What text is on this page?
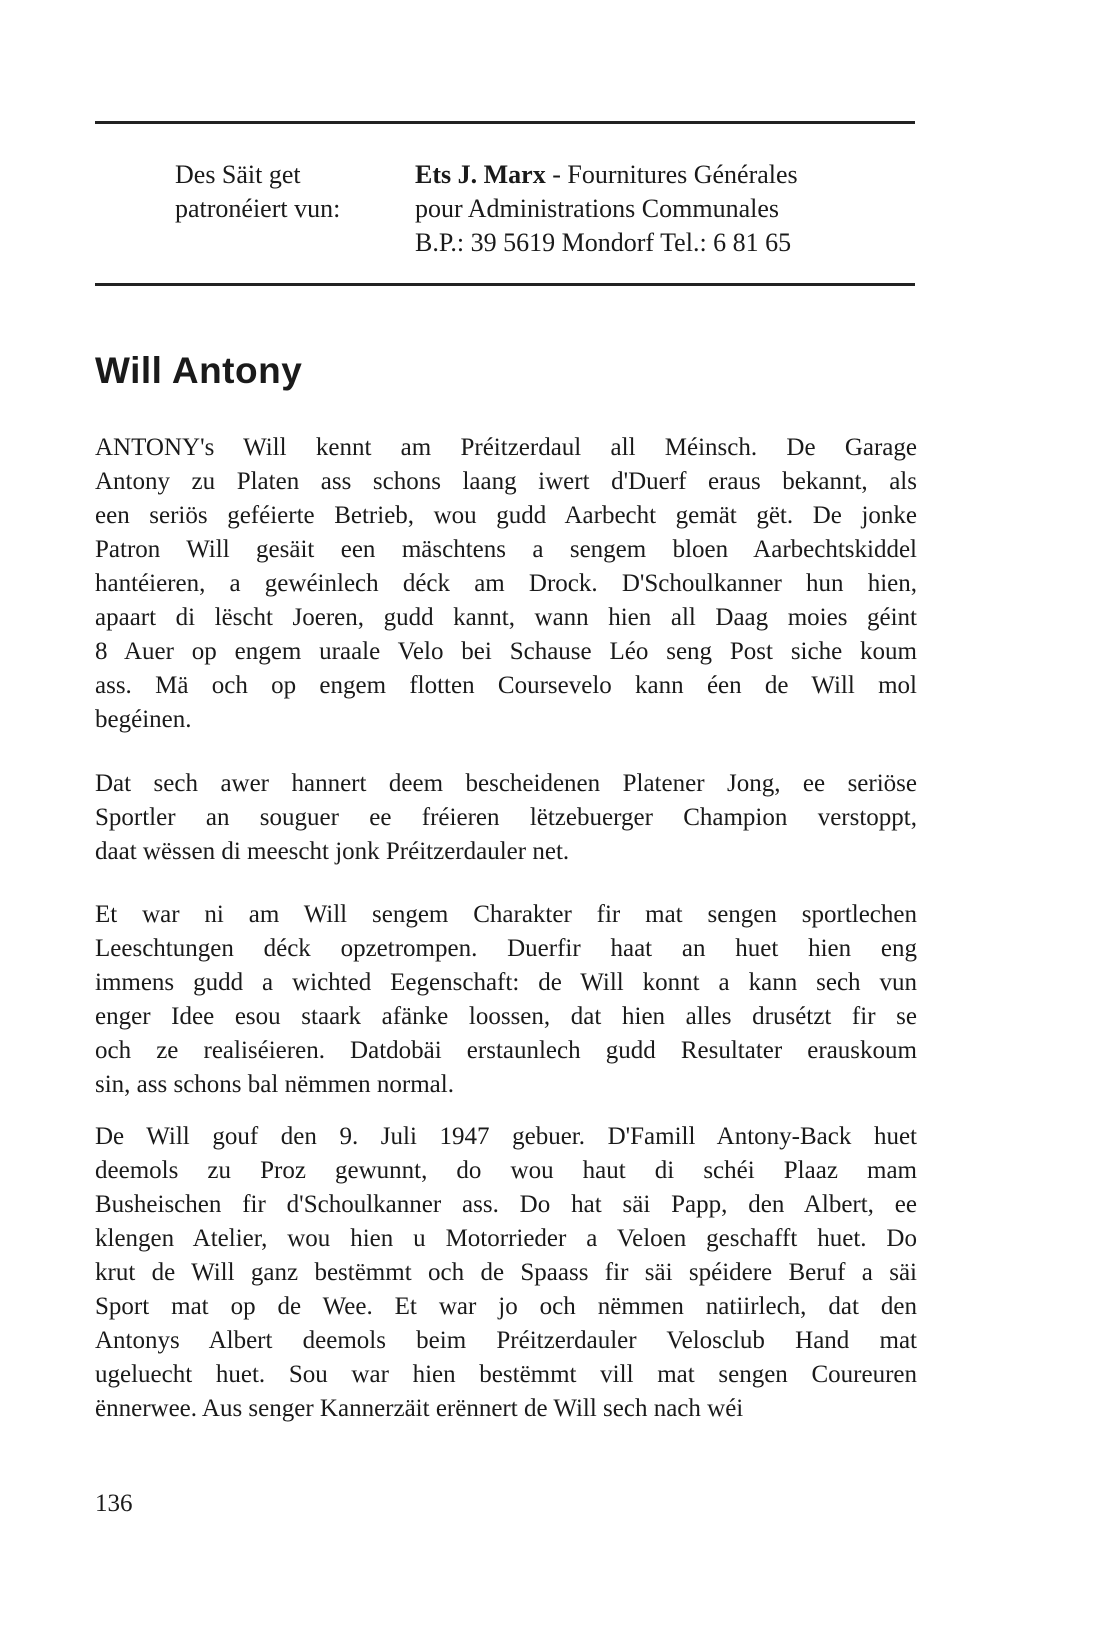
Des Säit get
patronéiert vun:
Ets J. Marx - Fournitures Générales
pour Administrations Communales
B.P.: 39 5619 Mondorf Tel.: 6 81 65
Will Antony
ANTONY's Will kennt am Préitzerdaul all Méinsch. De Garage
Antony zu Platen ass schons laang iwert d'Duerf eraus bekannt, als
een seriös geféierte Betrieb, wou gudd Aarbecht gemät gët. De jonke
Patron Will gesäit een mäschtens a sengem bloen Aarbechtskiddel
hantéieren, a gewéinlech déck am Drock. D'Schoulkanner hun hien,
apaart di lëscht Joeren, gudd kannt, wann hien all Daag moies géint
8 Auer op engem uraale Velo bei Schause Léo seng Post siche koum
ass. Mä och op engem flotten Coursevelo kann éen de Will mol
begéinen.
Dat sech awer hannert deem bescheidenen Platener Jong, ee seriöse
Sportler an souguer ee fréieren lëtzebuerger Champion verstoppt,
daat wëssen di meescht jonk Préitzerdauler net.
Et war ni am Will sengem Charakter fir mat sengen sportlechen
Leeschtungen déck opzetrompen. Duerfir haat an huet hien eng
immens gudd a wichted Eegenschaft: de Will konnt a kann sech vun
enger Idee esou staark afänke loossen, dat hien alles drusétzt fir se
och ze realiséieren. Datdobäi erstaunlech gudd Resultater erauskoum
sin, ass schons bal nëmmen normal.
De Will gouf den 9. Juli 1947 gebuer. D'Famill Antony-Back huet
deemols zu Proz gewunnt, do wou haut di schéi Plaaz mam
Busheischen fir d'Schoulkanner ass. Do hat säi Papp, den Albert, ee
klengen Atelier, wou hien u Motorrieder a Veloen geschafft huet. Do
krut de Will ganz bestëmmt och de Spaass fir säi spéidere Beruf a säi
Sport mat op de Wee. Et war jo och nëmmen natiirlech, dat den
Antonys Albert deemols beim Préitzerdauler Velosclub Hand mat
ugeluecht huet. Sou war hien bestëmmt vill mat sengen Coureuren
ënnerwee. Aus senger Kannerzäit erënnert de Will sech nach wéi
136
